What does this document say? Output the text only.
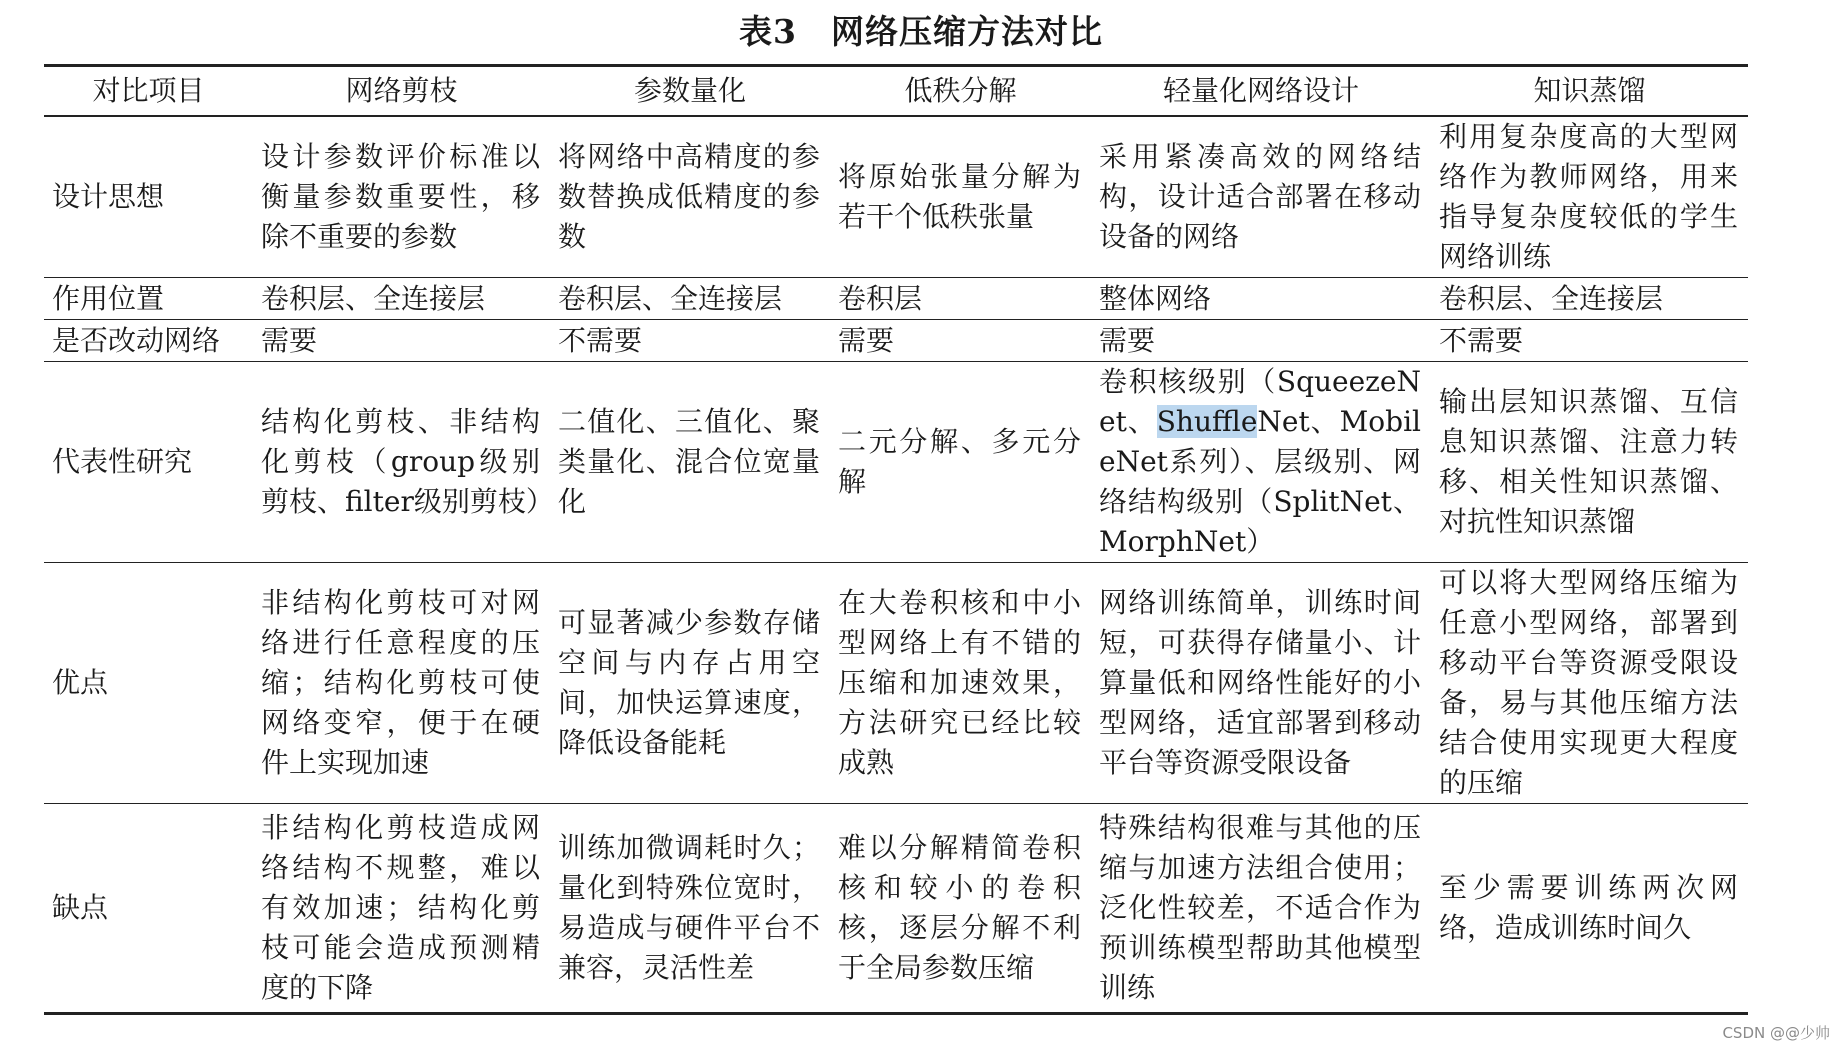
表3 网络压缩方法对比
对比项目	网络剪枝	参数量化	低秩分解	轻量化网络设计	知识蒸馏
设计思想	设计参数评价标准以衡量参数重要性，移除不重要的参数	将网络中高精度的参数替换成低精度的参数	将原始张量分解为若干个低秩张量	采用紧凑高效的网络结构，设计适合部署在移动设备的网络	利用复杂度高的大型网络作为教师网络，用来指导复杂度较低的学生网络训练
作用位置	卷积层、全连接层	卷积层、全连接层	卷积层	整体网络	卷积层、全连接层
是否改动网络	需要	不需要	需要	需要	不需要
代表性研究	结构化剪枝、非结构化剪枝（group级别剪枝、filter级别剪枝）	二值化、三值化、聚类量化、混合位宽量化	二元分解、多元分解	卷积核级别（SqueezeNet、ShuffleNet、MobileNet系列）、层级别、网络结构级别（SplitNet、MorphNet）	输出层知识蒸馏、互信息知识蒸馏、注意力转移、相关性知识蒸馏、对抗性知识蒸馏
优点	非结构化剪枝可对网络进行任意程度的压缩；结构化剪枝可使网络变窄，便于在硬件上实现加速	可显著减少参数存储空间与内存占用空间，加快运算速度，降低设备能耗	在大卷积核和中小型网络上有不错的压缩和加速效果，方法研究已经比较成熟	网络训练简单，训练时间短，可获得存储量小、计算量低和网络性能好的小型网络，适宜部署到移动平台等资源受限设备	可以将大型网络压缩为任意小型网络，部署到移动平台等资源受限设备，易与其他压缩方法结合使用实现更大程度的压缩
缺点	非结构化剪枝造成网络结构不规整，难以有效加速；结构化剪枝可能会造成预测精度的下降	训练加微调耗时久；量化到特殊位宽时，易造成与硬件平台不兼容，灵活性差	难以分解精简卷积核和较小的卷积核，逐层分解不利于全局参数压缩	特殊结构很难与其他的压缩与加速方法组合使用；泛化性较差，不适合作为预训练模型帮助其他模型训练	至少需要训练两次网络，造成训练时间久
CSDN @@少帅
